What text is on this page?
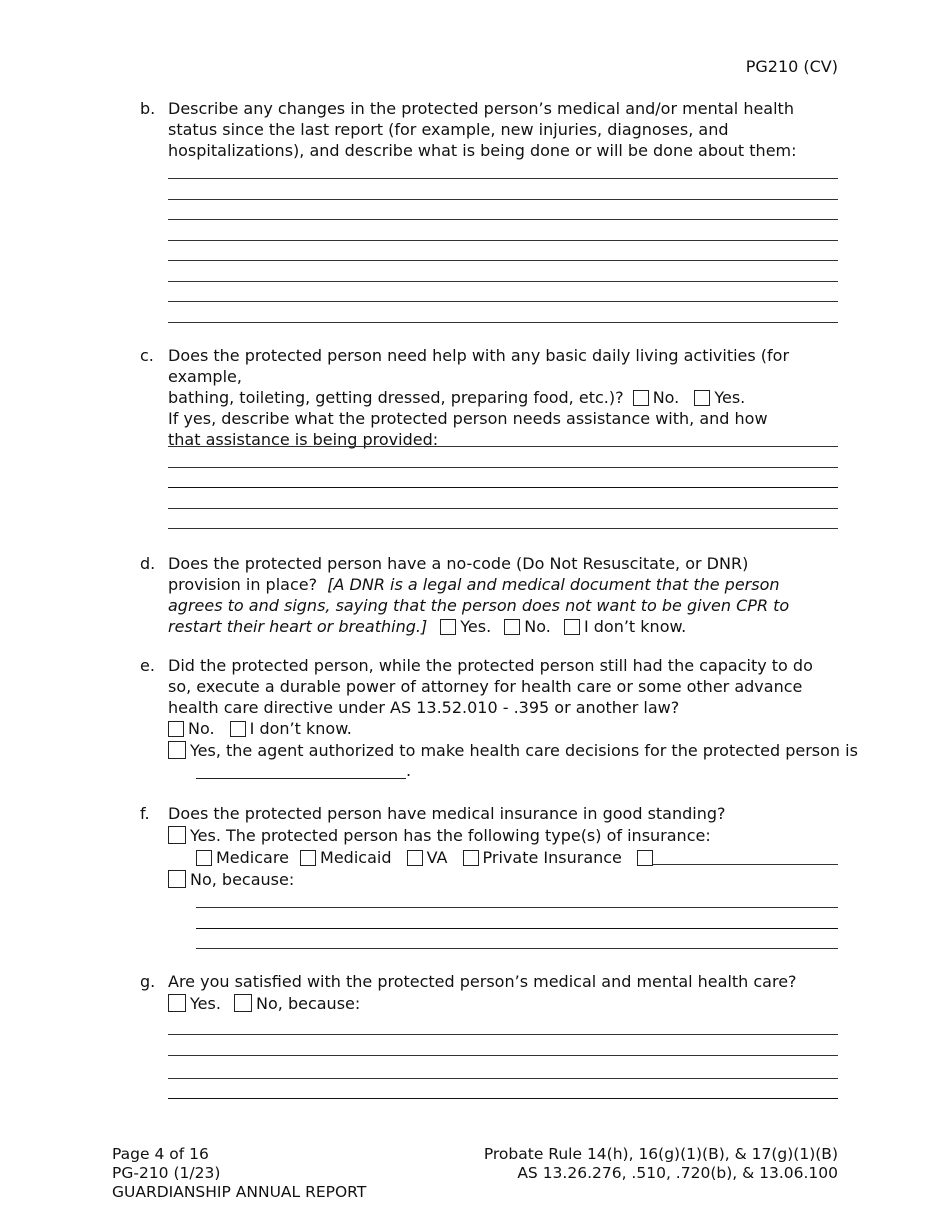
PG210 (CV)
b. Describe any changes in the protected person’s medical and/or mental health status since the last report (for example, new injuries, diagnoses, and hospitalizations), and describe what is being done or will be done about them:
c. Does the protected person need help with any basic daily living activities (for example,
bathing, toileting, getting dressed, preparing food, etc.)? No. Yes.
If yes, describe what the protected person needs assistance with, and how that assistance is being provided:
d. Does the protected person have a no-code (Do Not Resuscitate, or DNR) provision in place? [A DNR is a legal and medical document that the person agrees to and signs, saying that the person does not want to be given CPR to restart their heart or breathing.] Yes. No. I don’t know.
e. Did the protected person, while the protected person still had the capacity to do so, execute a durable power of attorney for health care or some other advance health care directive under AS 13.52.010 - .395 or another law?
No. I don’t know.
Yes, the agent authorized to make health care decisions for the protected person is
.
f. Does the protected person have medical insurance in good standing?
Yes. The protected person has the following type(s) of insurance:
Medicare Medicaid VA Private Insurance
No, because:
g. Are you satisfied with the protected person’s medical and mental health care?
Yes. No, because:
Page 4 of 16
PG-210 (1/23)
GUARDIANSHIP ANNUAL REPORT
Probate Rule 14(h), 16(g)(1)(B), & 17(g)(1)(B)
AS 13.26.276, .510, .720(b), & 13.06.100
